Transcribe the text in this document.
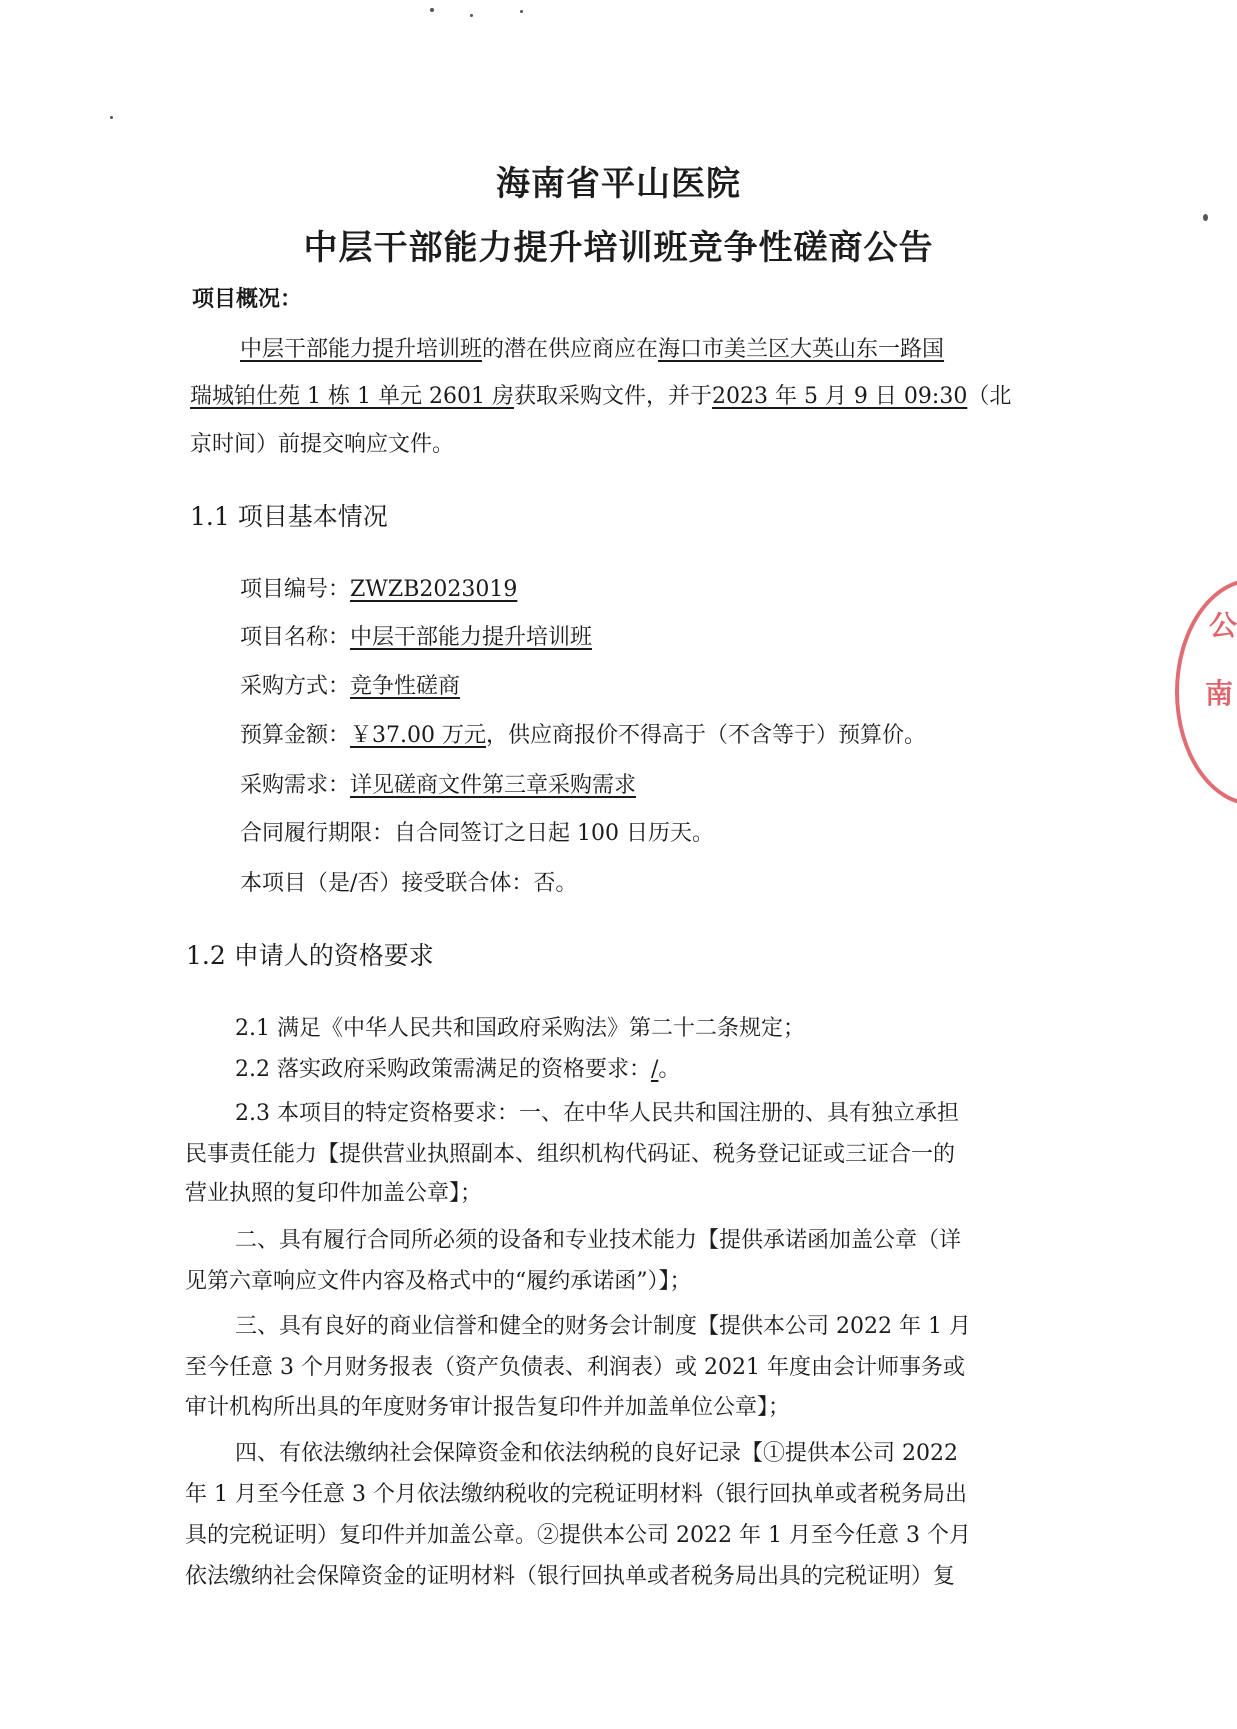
海南省平山医院
中层干部能力提升培训班竞争性磋商公告
项目概况：
中层干部能力提升培训班的潜在供应商应在海口市美兰区大英山东一路国
瑞城铂仕苑 1 栋 1 单元 2601 房获取采购文件，并于2023 年 5 月 9 日 09:30（北
京时间）前提交响应文件。
1.1 项目基本情况
项目编号：ZWZB2023019
项目名称：中层干部能力提升培训班
采购方式：竞争性磋商
预算金额：￥37.00 万元，供应商报价不得高于（不含等于）预算价。
采购需求：详见磋商文件第三章采购需求
合同履行期限：自合同签订之日起 100 日历天。
本项目（是/否）接受联合体：否。
1.2 申请人的资格要求
2.1 满足《中华人民共和国政府采购法》第二十二条规定；
2.2 落实政府采购政策需满足的资格要求：/。
2.3 本项目的特定资格要求：一、在中华人民共和国注册的、具有独立承担
民事责任能力【提供营业执照副本、组织机构代码证、税务登记证或三证合一的
营业执照的复印件加盖公章】；
二、具有履行合同所必须的设备和专业技术能力【提供承诺函加盖公章（详
见第六章响应文件内容及格式中的“履约承诺函”）】；
三、具有良好的商业信誉和健全的财务会计制度【提供本公司 2022 年 1 月
至今任意 3 个月财务报表（资产负债表、利润表）或 2021 年度由会计师事务或
审计机构所出具的年度财务审计报告复印件并加盖单位公章】；
四、有依法缴纳社会保障资金和依法纳税的良好记录【①提供本公司 2022
年 1 月至今任意 3 个月依法缴纳税收的完税证明材料（银行回执单或者税务局出
具的完税证明）复印件并加盖公章。②提供本公司 2022 年 1 月至今任意 3 个月
依法缴纳社会保障资金的证明材料（银行回执单或者税务局出具的完税证明）复
南
公
